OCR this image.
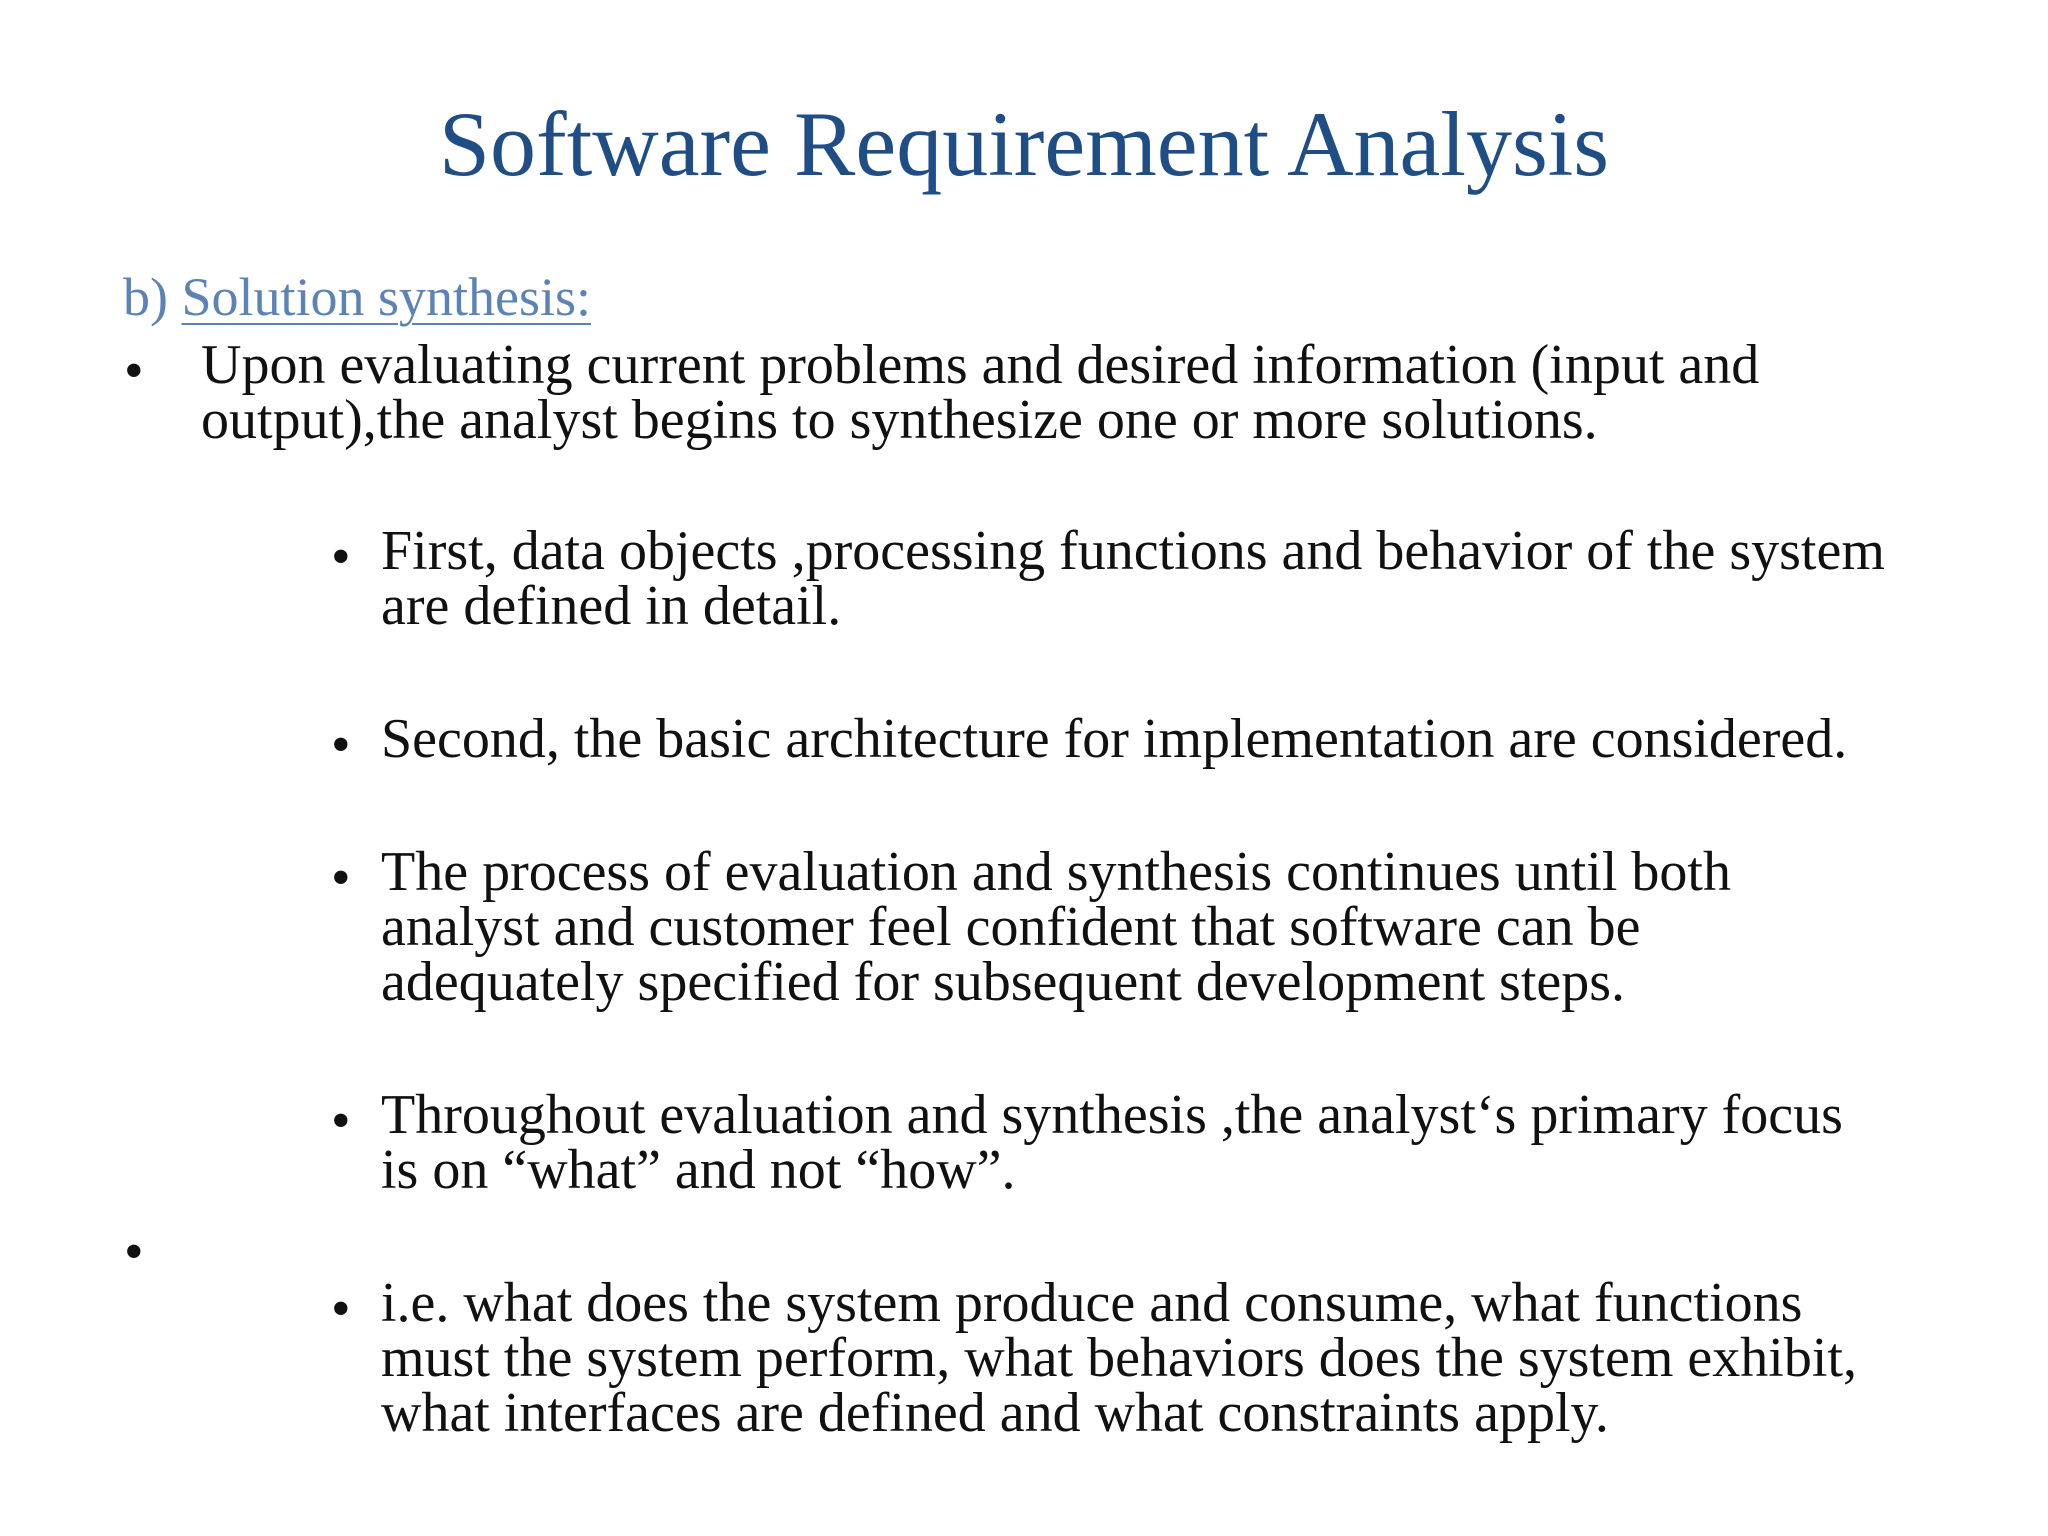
Software Requirement Analysis
b) Solution synthesis:
• Upon evaluating current problems and desired information (input and
output),the analyst begins to synthesize one or more solutions.
• First, data objects ,processing functions and behavior of the system
are defined in detail.
• Second, the basic architecture for implementation are considered.
• The process of evaluation and synthesis continues until both
analyst and customer feel confident that software can be
adequately specified for subsequent development steps.
• Throughout evaluation and synthesis ,the analyst‘s primary focus
is on “what” and not “how”.
•
• i.e. what does the system produce and consume, what functions
must the system perform, what behaviors does the system exhibit,
what interfaces are defined and what constraints apply.
